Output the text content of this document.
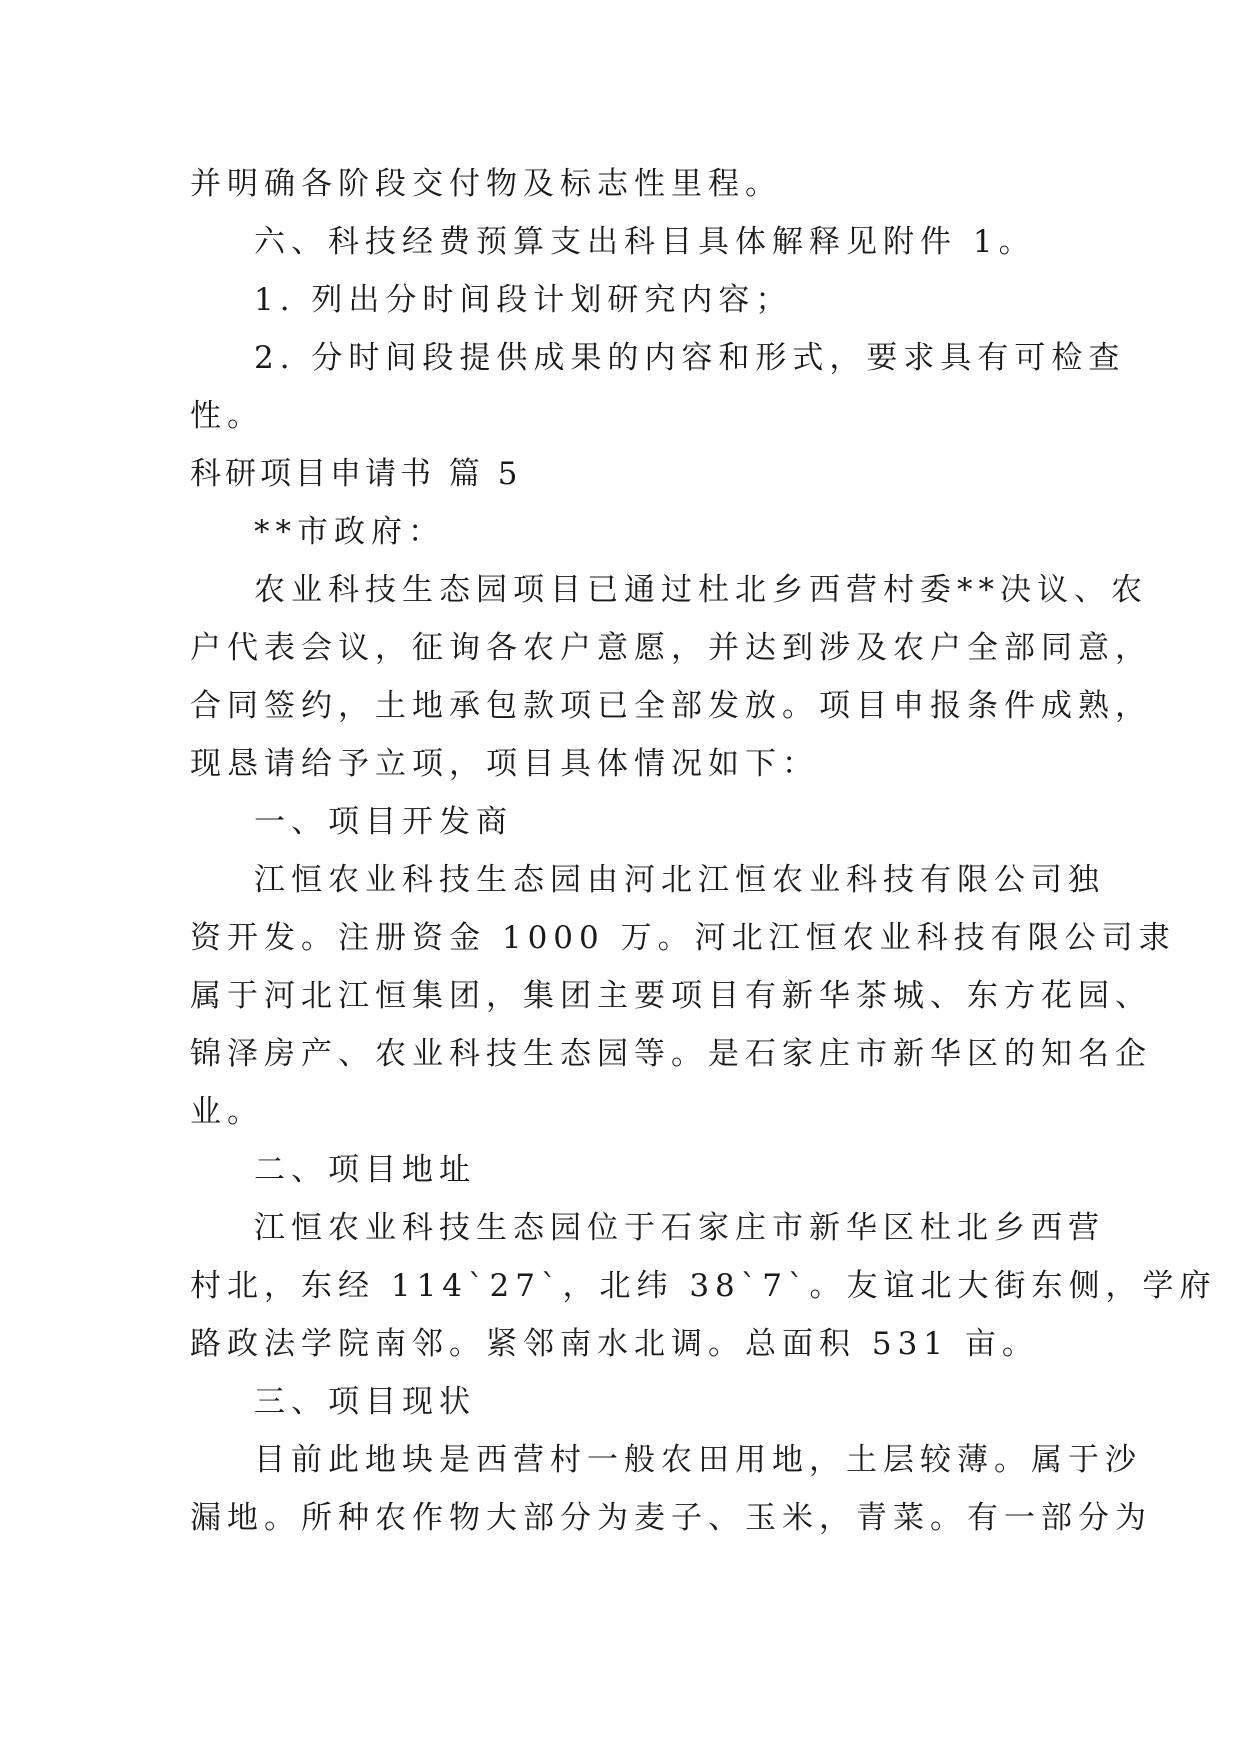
并明确各阶段交付物及标志性里程。
六、科技经费预算支出科目具体解释见附件 1。
1. 列出分时间段计划研究内容；
2. 分时间段提供成果的内容和形式，要求具有可检查
性。
科研项目申请书 篇 5
**市政府：
农业科技生态园项目已通过杜北乡西营村委**决议、农
户代表会议，征询各农户意愿，并达到涉及农户全部同意，
合同签约，土地承包款项已全部发放。项目申报条件成熟，
现恳请给予立项，项目具体情况如下：
一、项目开发商
江恒农业科技生态园由河北江恒农业科技有限公司独
资开发。注册资金 1000 万。河北江恒农业科技有限公司隶
属于河北江恒集团，集团主要项目有新华茶城、东方花园、
锦泽房产、农业科技生态园等。是石家庄市新华区的知名企
业。
二、项目地址
江恒农业科技生态园位于石家庄市新华区杜北乡西营
村北，东经 114`27`，北纬 38`7`。友谊北大街东侧，学府
路政法学院南邻。紧邻南水北调。总面积 531 亩。
三、项目现状
目前此地块是西营村一般农田用地，土层较薄。属于沙
漏地。所种农作物大部分为麦子、玉米，青菜。有一部分为
